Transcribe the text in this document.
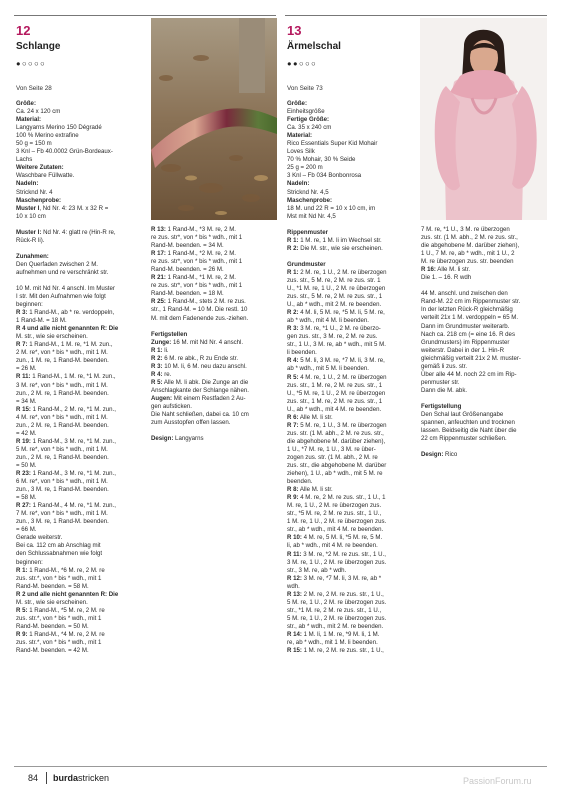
12
Schlange
●○○○○
Von Seite 28

Größe:

Ca. 24 x 120 cm

Material:

Langyarns Merino 150 Dégradé

100 % Merino extrafine

50 g = 150 m

3 Knl – Fb 40.0002 Grün-Bordeaux-

Lachs

Weitere Zutaten:

Waschbare Füllwatte.

Nadeln:

Stricknd Nr. 4

Maschenprobe:

Muster I, Nd Nr. 4: 23 M. x 32 R =

10 x 10 cm

Muster I: Nd Nr. 4: glatt re (Hin-R re,

Rück-R li).

Zunahmen:

Den Querfaden zwischen 2 M.

aufnehmen und re verschränkt str.

10 M. mit Nd Nr. 4 anschl. Im Muster

I str. Mit den Aufnahmen wie folgt

beginnen:

R 3: 1 Rand-M., ab * re. verdoppeln,

1 Rand-M. = 18 M.

R 4 und alle nicht genannten R: Die

M. str., wie sie erscheinen.

R 7: 1 Rand-M., 1 M. re, *1 M. zun.,

2 M. re*, von * bis * wdh., mit 1 M.

zun., 1 M. re, 1 Rand-M. beenden.

= 26 M.

R 11: 1 Rand-M., 1 M. re, *1 M. zun.,

3 M. re*, von * bis * wdh., mit 1 M.

zun., 2 M. re, 1 Rand-M. beenden.

= 34 M.

R 15: 1 Rand-M., 2 M. re, *1 M. zun.,

4 M. re*, von * bis * wdh., mit 1 M.

zun., 2 M. re, 1 Rand-M. beenden.

= 42 M.

R 19: 1 Rand-M., 3 M. re, *1 M. zun.,

5 M. re*, von * bis * wdh., mit 1 M.

zun., 2 M. re, 1 Rand-M. beenden.

= 50 M.

R 23: 1 Rand-M., 3 M. re, *1 M. zun.,

6 M. re*, von * bis * wdh., mit 1 M.

zun., 3 M. re, 1 Rand-M. beenden.

= 58 M.

R 27: 1 Rand-M., 4 M. re, *1 M. zun.,

7 M. re*, von * bis * wdh., mit 1 M.

zun., 3 M. re, 1 Rand-M. beenden.

= 66 M.

Gerade weiterstr.

Bei ca. 112 cm ab Anschlag mit

den Schlussabnahmen wie folgt

beginnen:

R 1: 1 Rand-M., *6 M. re, 2 M. re

zus. str.*, von * bis * wdh., mit 1

Rand-M. beenden. = 58 M.

R 2 und alle nicht genannten R: Die

M. str., wie sie erscheinen.

R 5: 1 Rand-M., *5 M. re, 2 M. re

zus. str.*, von * bis * wdh., mit 1

Rand-M. beenden. = 50 M.

R 9: 1 Rand-M., *4 M. re, 2 M. re

zus. str.*, von * bis * wdh., mit 1

Rand-M. beenden. = 42 M.

R 13: 1 Rand-M., *3 M. re, 2 M.

re zus. str*, von * bis * wdh., mit 1

Rand-M. beenden. = 34 M.

R 17: 1 Rand-M., *2 M. re, 2 M.

re zus. str*, von * bis * wdh., mit 1

Rand-M. beenden. = 26 M.

R 21: 1 Rand-M., *1 M. re, 2 M.

re zus. str*, von * bis * wdh., mit 1

Rand-M. beenden. = 18 M.

R 25: 1 Rand-M., stets 2 M. re zus.

str., 1 Rand-M. = 10 M. Die restl. 10

M. mit dem Fadenende zus.-ziehen.

Fertigstellen

Zunge: 16 M. mit Nd Nr. 4 anschl.

R 1: li.

R 2: 6 M. re abk., R zu Ende str.

R 3: 10 M. li, 6 M. neu dazu anschl.

R 4: re.

R 5: Alle M. li abk. Die Zunge an die

Anschlagkante der Schlange nähen.

Augen: Mit einem Restfaden 2 Au-

gen aufsticken.

Die Naht schließen, dabei ca. 10 cm

zum Ausstopfen offen lassen.

Design: Langyarns

13
Ärmelschal
●●○○○
Von Seite 73

Größe:

Einheitsgröße

Fertige Größe:

Ca. 35 x 240 cm

Material:

Rico Essentials Super Kid Mohair

Loves Silk

70 % Mohair, 30 % Seide

25 g = 200 m

3 Knl – Fb 034 Bonbonrosa

Nadeln:

Stricknd Nr. 4,5

Maschenprobe:

18 M. und 22 R = 10 x 10 cm, im

Mst mit Nd Nr. 4,5

Rippenmuster

R 1: 1 M. re, 1 M. li im Wechsel str.

R 2: Die M. str., wie sie erscheinen.

Grundmuster

R 1: 2 M. re, 1 U., 2 M. re überzogen

zus. str., 5 M. re, 2 M. re zus. str. 1

U., *1 M. re, 1 U., 2 M. re überzogen

zus. str., 5 M. re, 2 M. re zus. str., 1

U., ab * wdh., mit 2 M. re beenden.

R 2: 4 M. li, 5 M. re, *5 M. li, 5 M. re,

ab * wdh., mit 4 M. li beenden.

R 3: 3 M. re, *1 U., 2 M. re überzo-

gen zus. str., 3 M. re, 2 M. re zus.

str., 1 U., 3 M. re, ab * wdh., mit 5 M.

li beenden.

R 4: 5 M. li, 3 M. re, *7 M. li, 3 M. re,

ab * wdh., mit 5 M. li beenden.

R 5: 4 M. re, 1 U., 2 M. re überzogen

zus. str., 1 M. re, 2 M. re zus. str., 1

U., *5 M. re, 1 U., 2 M. re überzogen

zus. str., 1 M. re, 2 M. re zus. str., 1

U., ab * wdh., mit 4 M. re beenden.

R 6: Alle M. li str.

R 7: 5 M. re, 1 U., 3 M. re überzogen

zus. str. (1 M. abh., 2 M. re zus. str.,

die abgehobene M. darüber ziehen),

1 U., *7 M. re, 1 U., 3 M. re über-

zogen zus. str. (1 M. abh., 2 M. re

zus. str., die abgehobene M. darüber

ziehen), 1 U., ab * wdh., mit 5 M. re

beenden.

R 8: Alle M. li str.

R 9: 4 M. re, 2 M. re zus. str., 1 U., 1

M. re, 1 U., 2 M. re überzogen zus.

str., *5 M. re, 2 M. re zus. str., 1 U.,

1 M. re, 1 U., 2 M. re überzogen zus.

str., ab * wdh., mit 4 M. re beenden.

R 10: 4 M. re, 5 M. li, *5 M. re, 5 M.

li, ab * wdh., mit 4 M. re beenden.

R 11: 3 M. re, *2 M. re zus. str., 1 U.,

3 M. re, 1 U., 2 M. re überzogen zus.

str., 3 M. re, ab * wdh.

R 12: 3 M. re, *7 M. li, 3 M. re, ab *

wdh.

R 13: 2 M. re, 2 M. re zus. str., 1 U.,

5 M. re, 1 U., 2 M. re überzogen zus.

str., *1 M. re, 2 M. re zus. str., 1 U.,

5 M. re, 1 U., 2 M. re überzogen zus.

str., ab * wdh., mit 2 M. re beenden.

R 14: 1 M. li, 1 M. re, *9 M. li, 1 M.

re, ab * wdh., mit 1 M. li beenden.

R 15: 1 M. re, 2 M. re zus. str., 1 U.,

7 M. re, *1 U., 3 M. re überzogen

zus. str. (1 M. abh., 2 M. re zus. str.,

die abgehobene M. darüber ziehen),

1 U., 7 M. re, ab * wdh., mit 1 U., 2

M. re überzogen zus. str. beenden

R 16: Alle M. li str.

Die 1. – 16. R wdh

44 M. anschl. und zwischen den

Rand-M. 22 cm im Rippenmuster str.

In der letzten Rück-R gleichmäßig

verteilt 21x 1 M. verdoppeln = 65 M.

Dann im Grundmuster weiterarb.

Nach ca. 218 cm (= eine 16. R des

Grundmusters) im Rippenmuster

weiterstr. Dabei in der 1. Hin-R

gleichmäßig verteilt 21x 2 M. muster-

gemäß li zus. str.

Über alle 44 M. noch 22 cm im Rip-

penmuster str.

Dann die M. abk.

Fertigstellung

Den Schal laut Größenangabe

spannen, anfeuchten und trocknen

lassen. Beidseitig die Naht über die

22 cm Rippenmuster schließen.

Design: Rico

84 burdastricken	PassionForum.ru
